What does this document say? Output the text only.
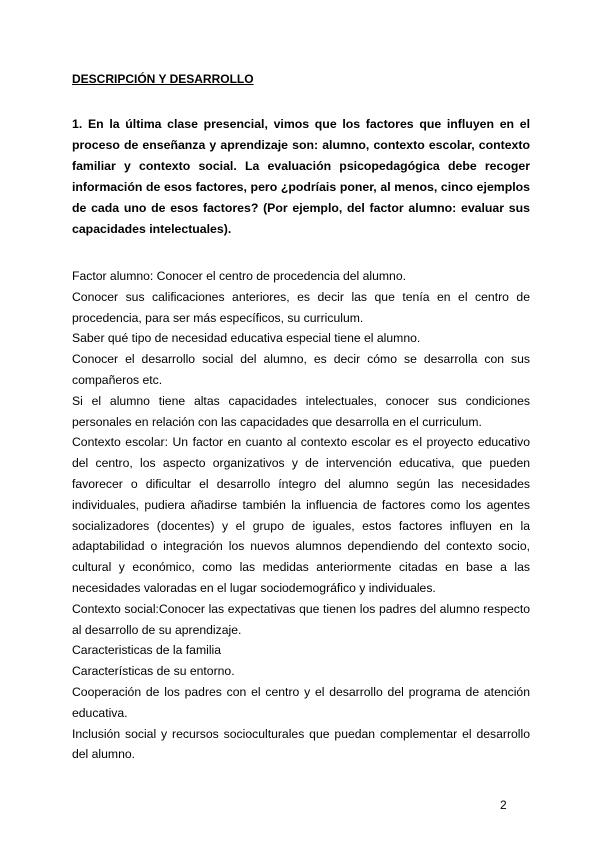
DESCRIPCIÓN Y DESARROLLO

1. En la última clase presencial, vimos que los factores que influyen en el proceso de enseñanza y aprendizaje son: alumno, contexto escolar, contexto familiar y contexto social. La evaluación psicopedagógica debe recoger información de esos factores, pero ¿podríais poner, al menos, cinco ejemplos de cada uno de esos factores? (Por ejemplo, del factor alumno: evaluar sus capacidades intelectuales).

Factor alumno: Conocer el centro de procedencia del alumno.

Conocer sus calificaciones anteriores, es decir las que tenía en el centro de procedencia, para ser más específicos, su curriculum.

Saber qué tipo de necesidad educativa especial tiene el alumno.

Conocer el desarrollo social del alumno, es decir cómo se desarrolla con sus compañeros etc.

Si el alumno tiene altas capacidades intelectuales, conocer sus condiciones personales en relación con las capacidades que desarrolla en el curriculum.

Contexto escolar: Un factor en cuanto al contexto escolar es el proyecto educativo del centro, los aspecto organizativos y de intervención educativa, que pueden favorecer o dificultar el desarrollo íntegro del alumno según las necesidades individuales, pudiera añadirse también la influencia de factores como los agentes socializadores (docentes) y el grupo de iguales, estos factores influyen en la adaptabilidad o integración los nuevos alumnos dependiendo del contexto socio, cultural y económico, como las medidas anteriormente citadas en base a las necesidades valoradas en el lugar sociodemográfico y individuales.

Contexto social:Conocer las expectativas que tienen los padres del alumno respecto al desarrollo de su aprendizaje.

Caracteristicas de la familia

Características de su entorno.

Cooperación de los padres con el centro y el desarrollo del programa de atención educativa.

Inclusión social y recursos socioculturales que puedan complementar el desarrollo del alumno.

2
